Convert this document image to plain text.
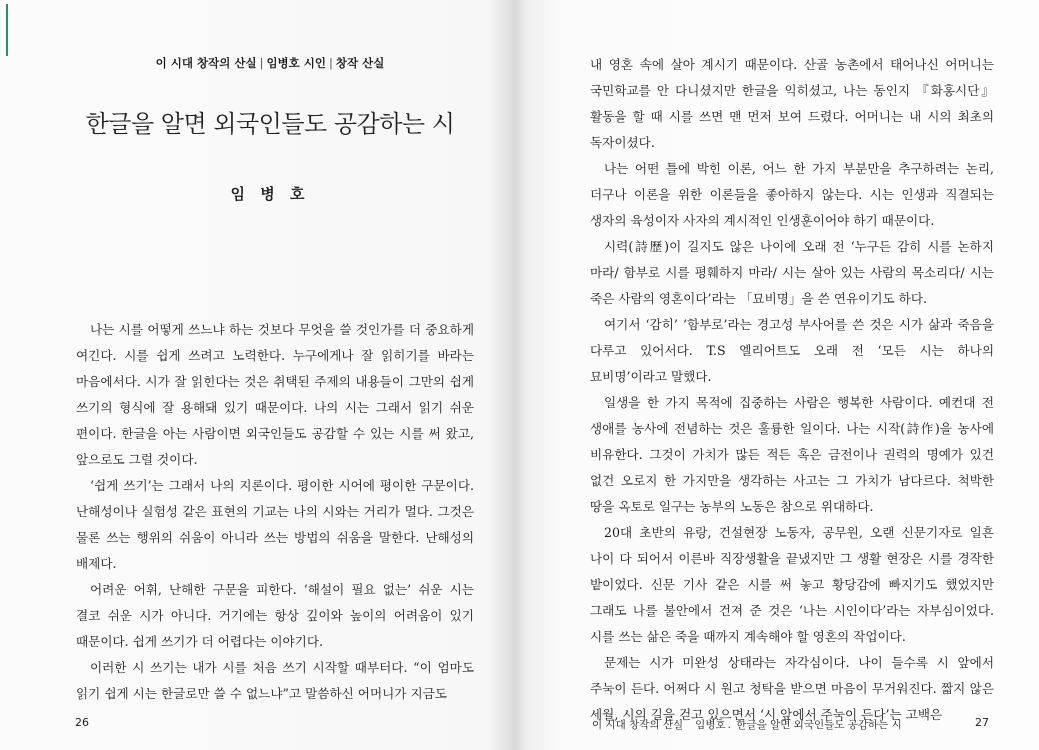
이 시대 창작의 산실 | 임병호 시인 | 창작 산실
한글을 알면 외국인들도 공감하는 시
임 병 호

나는 시를 어떻게 쓰느냐 하는 것보다 무엇을 쓸 것인가를 더 중요하게 여긴다. 시를 쉽게 쓰려고 노력한다. 누구에게나 잘 읽히기를 바라는 마음에서다. 시가 잘 읽힌다는 것은 취택된 주제의 내용들이 그만의 쉽게 쓰기의 형식에 잘 용해돼 있기 때문이다. 나의 시는 그래서 읽기 쉬운 편이다. 한글을 아는 사람이면 외국인들도 공감할 수 있는 시를 써 왔고, 앞으로도 그럴 것이다.

‘쉽게 쓰기’는 그래서 나의 지론이다. 평이한 시어에 평이한 구문이다. 난해성이나 실험성 같은 표현의 기교는 나의 시와는 거리가 멀다. 그것은 물론 쓰는 행위의 쉬움이 아니라 쓰는 방법의 쉬움을 말한다. 난해성의 배제다.

어려운 어휘, 난해한 구문을 피한다. ‘해설이 필요 없는’ 쉬운 시는 결코 쉬운 시가 아니다. 거기에는 항상 깊이와 높이의 어려움이 있기 때문이다. 쉽게 쓰기가 더 어렵다는 이야기다.

이러한 시 쓰기는 내가 시를 처음 쓰기 시작할 때부터다. “이 엄마도 읽기 쉽게 시는 한글로만 쓸 수 없느냐”고 말씀하신 어머니가 지금도

26

내 영혼 속에 살아 계시기 때문이다. 산골 농촌에서 태어나신 어머니는 국민학교를 안 다니셨지만 한글을 익히셨고, 나는 동인지 『화홍시단』 활동을 할 때 시를 쓰면 맨 먼저 보여 드렸다. 어머니는 내 시의 최초의 독자이셨다.

나는 어떤 틀에 박힌 이론, 어느 한 가지 부분만을 추구하려는 논리, 더구나 이론을 위한 이론들을 좋아하지 않는다. 시는 인생과 직결되는 생자의 육성이자 사자의 계시적인 인생훈이어야 하기 때문이다.

시력(詩歷)이 길지도 않은 나이에 오래 전 ‘누구든 감히 시를 논하지 마라/ 함부로 시를 평훼하지 마라/ 시는 살아 있는 사람의 목소리다/ 시는 죽은 사람의 영혼이다’라는 「묘비명」을 쓴 연유이기도 하다.

여기서 ‘감히’ ‘함부로’라는 경고성 부사어를 쓴 것은 시가 삶과 죽음을 다루고 있어서다. T.S 엘리어트도 오래 전 ‘모든 시는 하나의 묘비명’이라고 말했다.

일생을 한 가지 목적에 집중하는 사람은 행복한 사람이다. 예컨대 전 생애를 농사에 전념하는 것은 훌륭한 일이다. 나는 시작(詩作)을 농사에 비유한다. 그것이 가치가 많든 적든 혹은 금전이나 권력의 명예가 있건 없건 오로지 한 가지만을 생각하는 사고는 그 가치가 남다르다. 척박한 땅을 옥토로 일구는 농부의 노동은 참으로 위대하다.

20대 초반의 유랑, 건설현장 노동자, 공무원, 오랜 신문기자로 일흔 나이 다 되어서 이른바 직장생활을 끝냈지만 그 생활 현장은 시를 경작한 밭이었다. 신문 기사 같은 시를 써 놓고 황당감에 빠지기도 했었지만 그래도 나를 불안에서 건져 준 것은 ‘나는 시인이다’라는 자부심이었다. 시를 쓰는 삶은 죽을 때까지 계속해야 할 영혼의 작업이다.

문제는 시가 미완성 상태라는 자각심이다. 나이 들수록 시 앞에서 주눅이 든다. 어쩌다 시 원고 청탁을 받으면 마음이 무거워진다. 짧지 않은 세월, 시의 길을 걷고 있으면서 ‘시 앞에서 주눅이 든다’는 고백은

이 시대 창작의 산실 임병호 . 한글을 알면 외국인들도 공감하는 시	27
